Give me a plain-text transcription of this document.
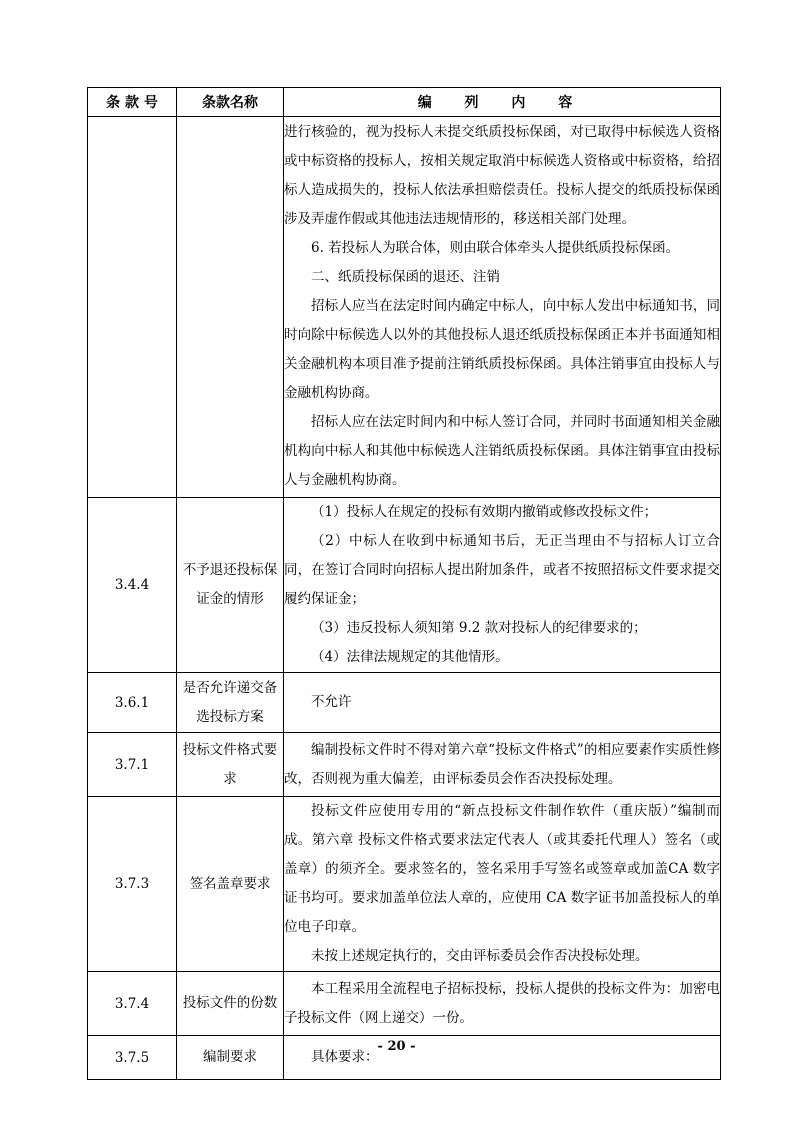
条 款 号	条款名称	编 列 内 容

		进行核验的，视为投标人未提交纸质投标保函，对已取得中标候选人资格或中标资格的投标人，按相关规定取消中标候选人资格或中标资格，给招标人造成损失的，投标人依法承担赔偿责任。投标人提交的纸质投标保函涉及弄虚作假或其他违法违规情形的，移送相关部门处理。

6. 若投标人为联合体，则由联合体牵头人提供纸质投标保函。

二、纸质投标保函的退还、注销

招标人应当在法定时间内确定中标人，向中标人发出中标通知书，同时向除中标候选人以外的其他投标人退还纸质投标保函正本并书面通知相关金融机构本项目准予提前注销纸质投标保函。具体注销事宜由投标人与金融机构协商。

招标人应在法定时间内和中标人签订合同，并同时书面通知相关金融机构向中标人和其他中标候选人注销纸质投标保函。具体注销事宜由投标人与金融机构协商。

3.4.4	不予退还投标保证金的情形	（1）投标人在规定的投标有效期内撤销或修改投标文件；

（2）中标人在收到中标通知书后，无正当理由不与招标人订立合同，在签订合同时向招标人提出附加条件，或者不按照招标文件要求提交履约保证金；

（3）违反投标人须知第 9.2 款对投标人的纪律要求的；

（4）法律法规规定的其他情形。

3.6.1	是否允许递交备选投标方案	不允许

3.7.1	投标文件格式要求	编制投标文件时不得对第六章“投标文件格式”的相应要素作实质性修改，否则视为重大偏差，由评标委员会作否决投标处理。

3.7.3	签名盖章要求	投标文件应使用专用的“新点投标文件制作软件（重庆版）”编制而成。第六章 投标文件格式要求法定代表人（或其委托代理人）签名（或盖章）的须齐全。要求签名的，签名采用手写签名或签章或加盖CA 数字证书均可。要求加盖单位法人章的，应使用 CA 数字证书加盖投标人的单位电子印章。

未按上述规定执行的，交由评标委员会作否决投标处理。

3.7.4	投标文件的份数	本工程采用全流程电子招标投标，投标人提供的投标文件为：加密电子投标文件（网上递交）一份。

3.7.5	编制要求	具体要求：

- 20 -
